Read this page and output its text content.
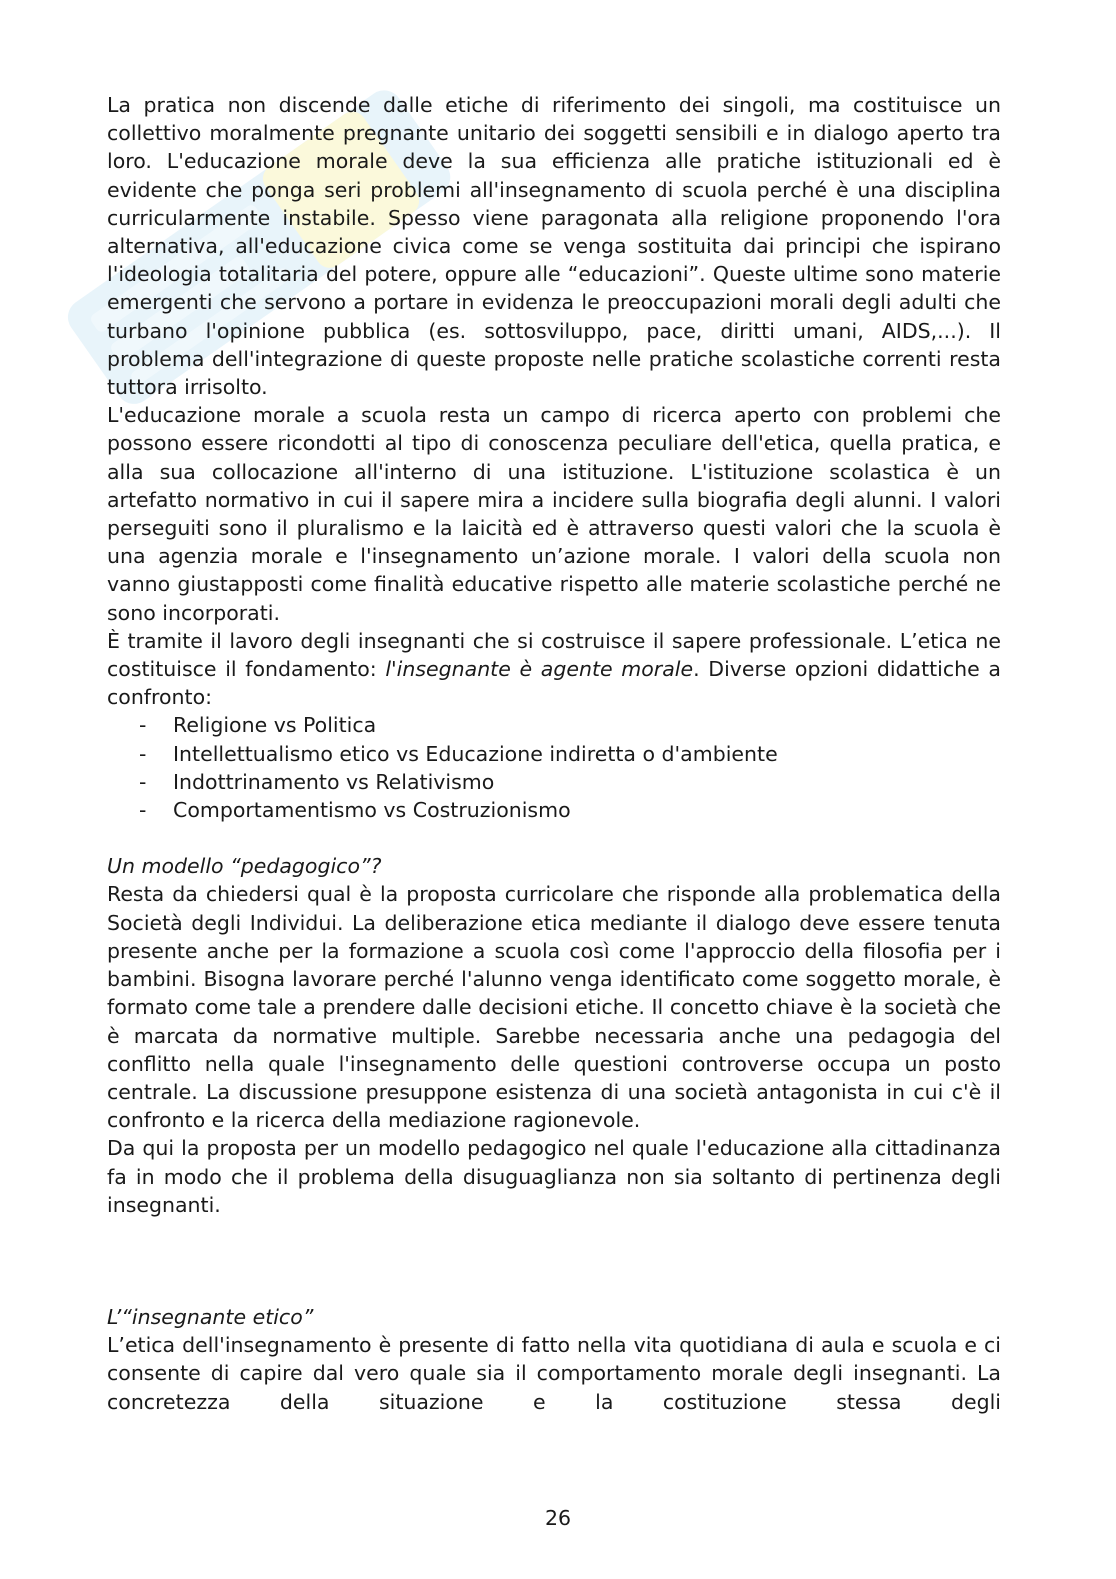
La pratica non discende dalle etiche di riferimento dei singoli, ma costituisce un collettivo moralmente pregnante unitario dei soggetti sensibili e in dialogo aperto tra loro. L'educazione morale deve la sua efficienza alle pratiche istituzionali ed è evidente che ponga seri problemi all'insegnamento di scuola perché è una disciplina curricularmente instabile. Spesso viene paragonata alla religione proponendo l'ora alternativa, all'educazione civica come se venga sostituita dai principi che ispirano l'ideologia totalitaria del potere, oppure alle “educazioni”. Queste ultime sono materie emergenti che servono a portare in evidenza le preoccupazioni morali degli adulti che turbano l'opinione pubblica (es. sottosviluppo, pace, diritti umani, AIDS,...). Il problema dell'integrazione di queste proposte nelle pratiche scolastiche correnti resta tuttora irrisolto.

L'educazione morale a scuola resta un campo di ricerca aperto con problemi che possono essere ricondotti al tipo di conoscenza peculiare dell'etica, quella pratica, e alla sua collocazione all'interno di una istituzione. L'istituzione scolastica è un artefatto normativo in cui il sapere mira a incidere sulla biografia degli alunni. I valori perseguiti sono il pluralismo e la laicità ed è attraverso questi valori che la scuola è una agenzia morale e l'insegnamento un’azione morale. I valori della scuola non vanno giustapposti come finalità educative rispetto alle materie scolastiche perché ne sono incorporati.

È tramite il lavoro degli insegnanti che si costruisce il sapere professionale. L’etica ne costituisce il fondamento: l'insegnante è agente morale. Diverse opzioni didattiche a confronto:

- Religione vs Politica
- Intellettualismo etico vs Educazione indiretta o d'ambiente
- Indottrinamento vs Relativismo
- Comportamentismo vs Costruzionismo

Un modello “pedagogico”?

Resta da chiedersi qual è la proposta curricolare che risponde alla problematica della Società degli Individui. La deliberazione etica mediante il dialogo deve essere tenuta presente anche per la formazione a scuola così come l'approccio della filosofia per i bambini. Bisogna lavorare perché l'alunno venga identificato come soggetto morale, è formato come tale a prendere dalle decisioni etiche. Il concetto chiave è la società che è marcata da normative multiple. Sarebbe necessaria anche una pedagogia del conflitto nella quale l'insegnamento delle questioni controverse occupa un posto centrale. La discussione presuppone esistenza di una società antagonista in cui c'è il confronto e la ricerca della mediazione ragionevole.

Da qui la proposta per un modello pedagogico nel quale l'educazione alla cittadinanza fa in modo che il problema della disuguaglianza non sia soltanto di pertinenza degli insegnanti.

L’“insegnante etico”

L’etica dell'insegnamento è presente di fatto nella vita quotidiana di aula e scuola e ci consente di capire dal vero quale sia il comportamento morale degli insegnanti. La concretezza della situazione e la costituzione stessa degli

26
